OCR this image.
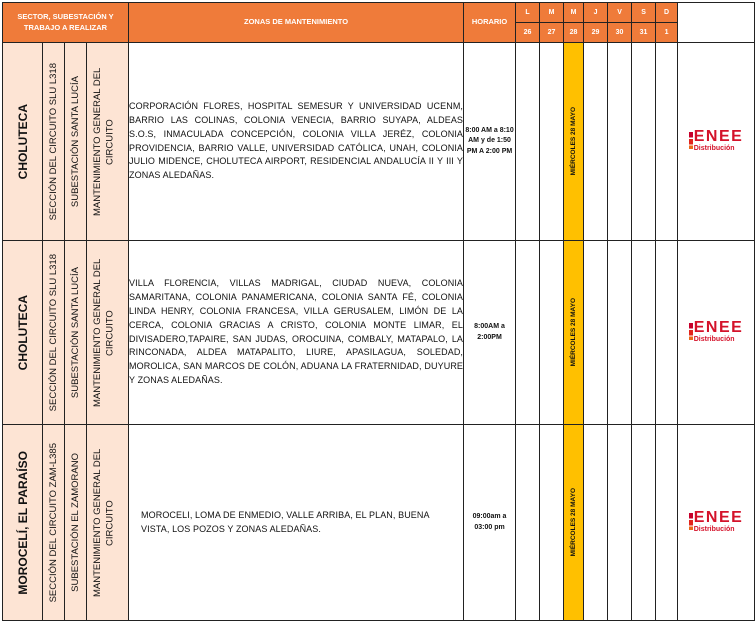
SECTOR, SUBESTACIÓN Y TRABAJO A REALIZAR				ZONAS DE MANTENIMIENTO	HORARIO	L	M	M	J	V	S	D	
						26	27	28	29	30	31	1	

CHOLUTECA	SECCIÓN DEL CIRCUITO SLU L318	SUBESTACIÓN SANTA LUCÍA	MANTENIMIENTO GENERAL DEL CIRCUITO	CORPORACIÓN FLORES, HOSPITAL SEMESUR Y UNIVERSIDAD UCENM, BARRIO LAS COLINAS, COLONIA VENECIA, BARRIO SUYAPA, ALDEAS S.O.S, INMACULADA CONCEPCIÓN, COLONIA VILLA JERÉZ, COLONIA PROVIDENCIA, BARRIO VALLE, UNIVERSIDAD CATÓLICA, UNAH, COLONIA JULIO MIDENCE, CHOLUTECA AIRPORT, RESIDENCIAL ANDALUCÍA II Y III Y ZONAS ALEDAÑAS.	8:00 AM a 8:10 AM y de 1:50 PM A 2:00 PM			MIÉRCOLES 28 MAYO					ENEE
Distribución

CHOLUTECA	SECCIÓN DEL CIRCUITO SLU L318	SUBESTACIÓN SANTA LUCÍA	MANTENIMIENTO GENERAL DEL CIRCUITO	VILLA FLORENCIA, VILLAS MADRIGAL, CIUDAD NUEVA, COLONIA SAMARITANA, COLONIA PANAMERICANA, COLONIA SANTA FÉ, COLONIA LINDA HENRY, COLONIA FRANCESA, VILLA GERUSALEM, LIMÓN DE LA CERCA, COLONIA GRACIAS A CRISTO, COLONIA MONTE LIMAR, EL DIVISADERO,TAPAIRE, SAN JUDAS, OROCUINA, COMBALY, MATAPALO, LA RINCONADA, ALDEA MATAPALITO, LIURE, APASILAGUA, SOLEDAD, MOROLICA, SAN MARCOS DE COLÓN, ADUANA LA FRATERNIDAD, DUYURE Y ZONAS ALEDAÑAS.	8:00AM a 2:00PM			MIÉRCOLES 28 MAYO					ENEE
Distribución

MOROCELÍ, EL PARAÍSO	SECCIÓN DEL CIRCUITO ZAM-L385	SUBESTACIÓN EL ZAMORANO	MANTENIMIENTO GENERAL DEL CIRCUITO	MOROCELI, LOMA DE ENMEDIO, VALLE ARRIBA, EL PLAN, BUENA VISTA, LOS POZOS Y ZONAS ALEDAÑAS.	09:00am a 03:00 pm			MIÉRCOLES 28 MAYO					ENEE
Distribución
